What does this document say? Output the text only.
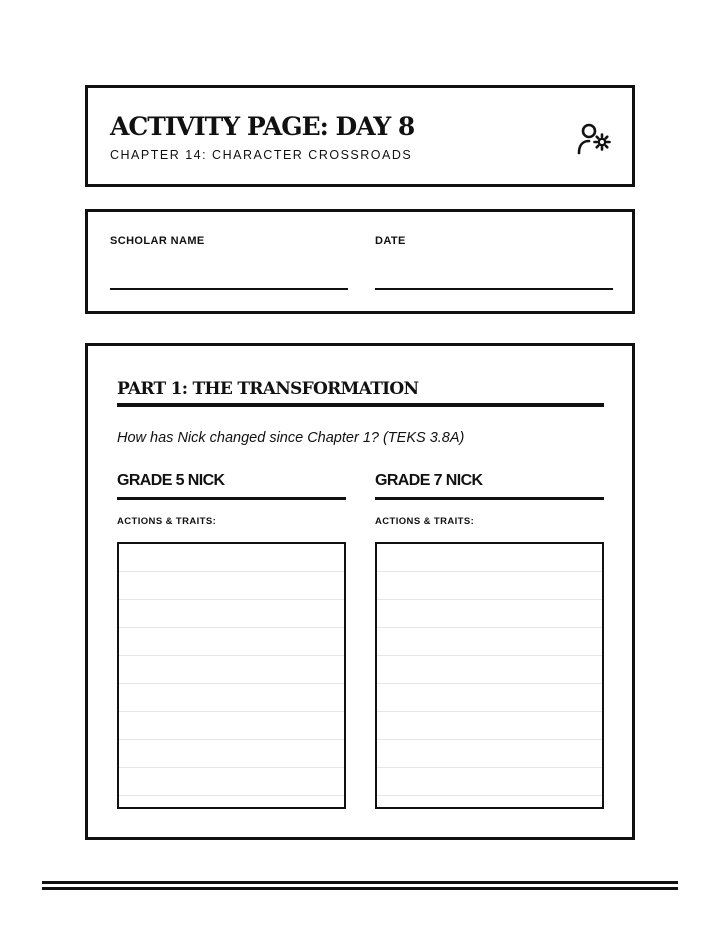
ACTIVITY PAGE: DAY 8
CHAPTER 14: CHARACTER CROSSROADS
SCHOLAR NAME	DATE
PART 1: THE TRANSFORMATION
How has Nick changed since Chapter 1? (TEKS 3.8A)
GRADE 5 NICK
ACTIONS & TRAITS:
GRADE 7 NICK
ACTIONS & TRAITS:
